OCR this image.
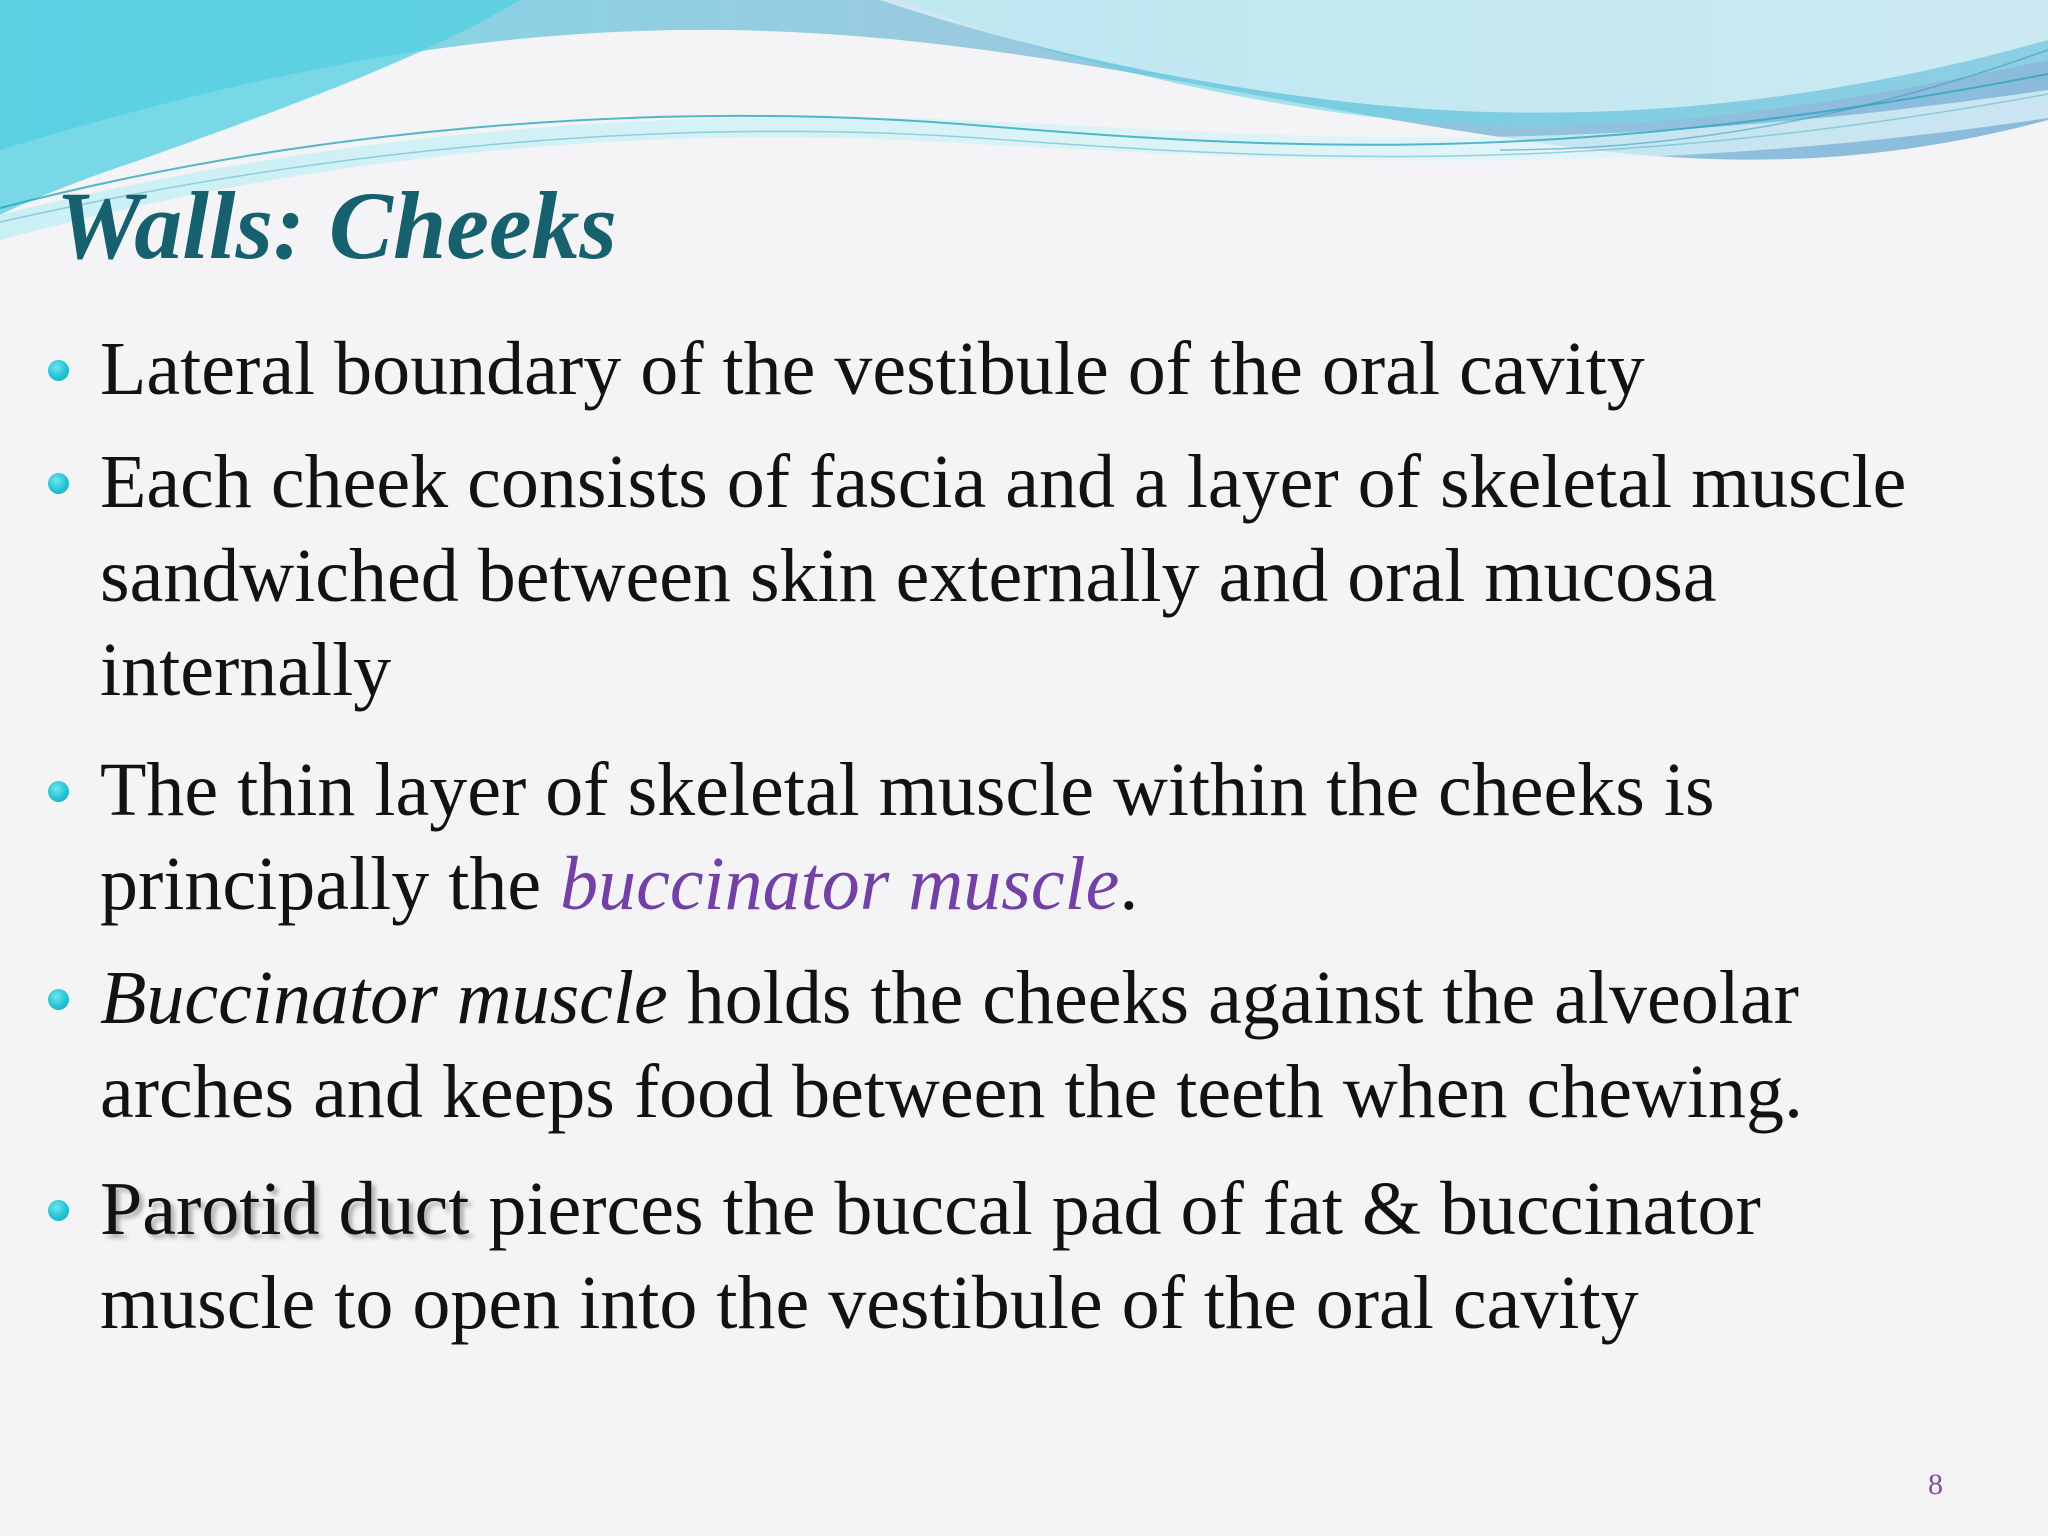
Walls: Cheeks
Lateral boundary of the vestibule of the oral cavity
Each cheek consists of fascia and a layer of skeletal muscle
sandwiched between skin externally and oral mucosa
internally
The thin layer of skeletal muscle within the cheeks is
principally the buccinator muscle.
Buccinator muscle holds the cheeks against the alveolar
arches and keeps food between the teeth when chewing.
Parotid duct pierces the buccal pad of fat & buccinator
muscle to open into the vestibule of the oral cavity
8
